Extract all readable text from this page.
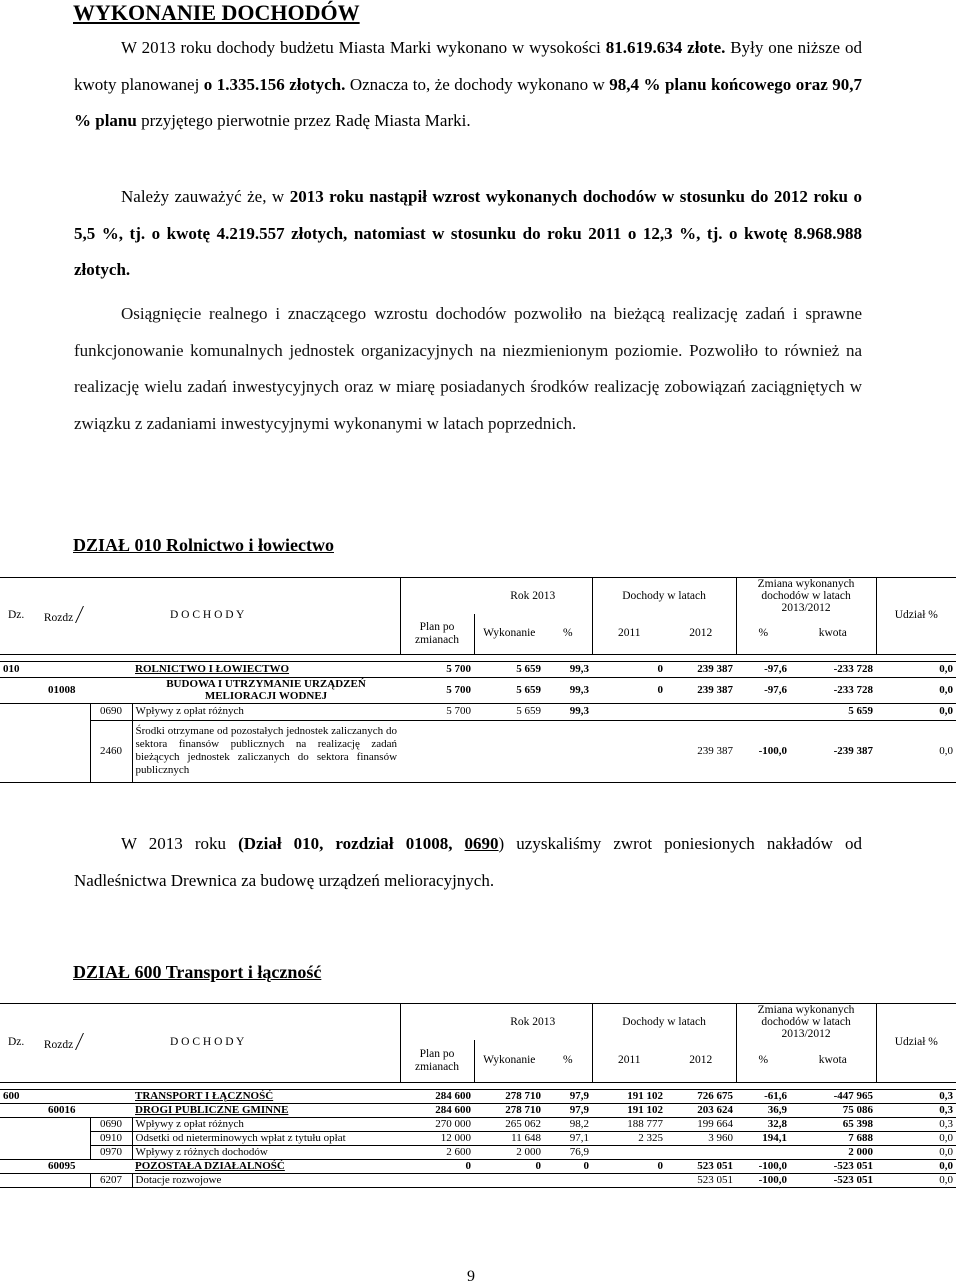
WYKONANIE DOCHODÓW
W 2013 roku dochody budżetu Miasta Marki wykonano w wysokości 81.619.634 złote. Były one niższe od kwoty planowanej o 1.335.156 złotych. Oznacza to, że dochody wykonano w 98,4 % planu końcowego oraz 90,7 % planu przyjętego pierwotnie przez Radę Miasta Marki.
Należy zauważyć że, w 2013 roku nastąpił wzrost wykonanych dochodów w stosunku do 2012 roku o 5,5 %, tj. o kwotę 4.219.557 złotych, natomiast w stosunku do roku 2011 o 12,3 %, tj. o kwotę 8.968.988 złotych.
Osiągnięcie realnego i znaczącego wzrostu dochodów pozwoliło na bieżącą realizację zadań i sprawne funkcjonowanie komunalnych jednostek organizacyjnych na niezmienionym poziomie. Pozwoliło to również na realizację wielu zadań inwestycyjnych oraz w miarę posiadanych środków realizację zobowiązań zaciągniętych w związku z zadaniami inwestycyjnymi wykonanymi w latach poprzednich.
DZIAŁ 010 Rolnictwo i łowiectwo
Dz.	Rozdz	D O C H O D Y			Rok 2013		Dochody w latach		Zmiana wykonanych dochodów w latach 2013/2012		Udział %
				Plan po zmianach	Wykonanie	%	2011	2012	%	kwota	

010			ROLNICTWO I ŁOWIECTWO	5 700	5 659	99,3	0	239 387	-97,6	-233 728	0,0
	01008		BUDOWA I UTRZYMANIE URZĄDZEŃ MELIORACJI WODNEJ	5 700	5 659	99,3	0	239 387	-97,6	-233 728	0,0
		0690	Wpływy z opłat różnych	5 700	5 659	99,3				5 659	0,0
		2460	Środki otrzymane od pozostałych jednostek zaliczanych do sektora finansów publicznych na realizację zadań bieżących jednostek zaliczanych do sektora finansów publicznych					239 387	-100,0	-239 387	0,0
W 2013 roku (Dział 010, rozdział 01008, 0690) uzyskaliśmy zwrot poniesionych nakładów od Nadleśnictwa Drewnica za budowę urządzeń melioracyjnych.
DZIAŁ 600 Transport i łączność
Dz.	Rozdz	D O C H O D Y			Rok 2013		Dochody w latach		Zmiana wykonanych dochodów w latach 2013/2012		Udział %
				Plan po zmianach	Wykonanie	%	2011	2012	%	kwota	

600			TRANSPORT I ŁĄCZNOŚĆ	284 600	278 710	97,9	191 102	726 675	-61,6	-447 965	0,3
	60016		DROGI PUBLICZNE GMINNE	284 600	278 710	97,9	191 102	203 624	36,9	75 086	0,3
		0690	Wpływy z opłat różnych	270 000	265 062	98,2	188 777	199 664	32,8	65 398	0,3
		0910	Odsetki od nieterminowych wpłat z tytułu opłat	12 000	11 648	97,1	2 325	3 960	194,1	7 688	0,0
		0970	Wpływy z różnych dochodów	2 600	2 000	76,9				2 000	0,0
	60095		POZOSTAŁA DZIAŁALNOŚĆ	0	0	0	0	523 051	-100,0	-523 051	0,0
		6207	Dotacje rozwojowe					523 051	-100,0	-523 051	0,0
9
